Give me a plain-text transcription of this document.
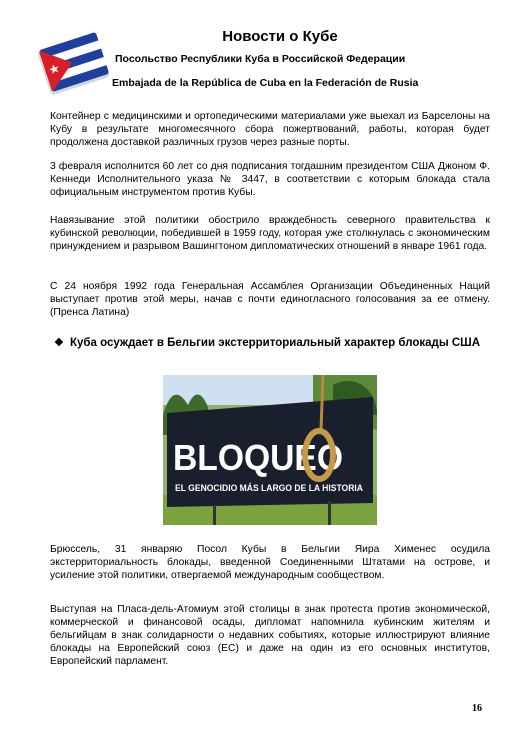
Новости о Кубе
Посольство Республики Куба в Российской Федерации
Embajada de la República de Cuba en la Federación de Rusia

Контейнер с медицинскими и ортопедическими материалами уже выехал из Барселоны на Кубу в результате многомесячного сбора пожертвований, работы, которая будет продолжена доставкой различных грузов через разные порты.

3 февраля исполнится 60 лет со дня подписания тогдашним президентом США Джоном Ф. Кеннеди Исполнительного указа № 3447, в соответствии с которым блокада стала официальным инструментом против Кубы.

Навязывание этой политики обострило враждебность северного правительства к кубинской революции, победившей в 1959 году, которая уже столкнулась с экономическим принуждением и разрывом Вашингтоном дипломатических отношений в январе 1961 года.

С 24 ноября 1992 года Генеральная Ассамблея Организации Объединенных Наций выступает против этой меры, начав с почти единогласного голосования за ее отмену. (Пренса Латина)

❖ Куба осуждает в Бельгии экстерриториальный характер блокады США
BLOQUEO
EL GENOCIDIO MÁS LARGO DE LA HISTORIA

Брюссель, 31 январяю Посол Кубы в Бельгии Яира Хименес осудила экстерриториальность блокады, введенной Соединенными Штатами на острове, и усиление этой политики, отвергаемой международным сообществом.

Выступая на Пласа-дель-Атомиум этой столицы в знак протеста против экономической, коммерческой и финансовой осады, дипломат напомнила кубинским жителям и бельгийцам в знак солидарности о недавних событиях, которые иллюстрируют влияние блокады на Европейский союз (ЕС) и даже на один из его основных институтов, Европейский парламент.

16
